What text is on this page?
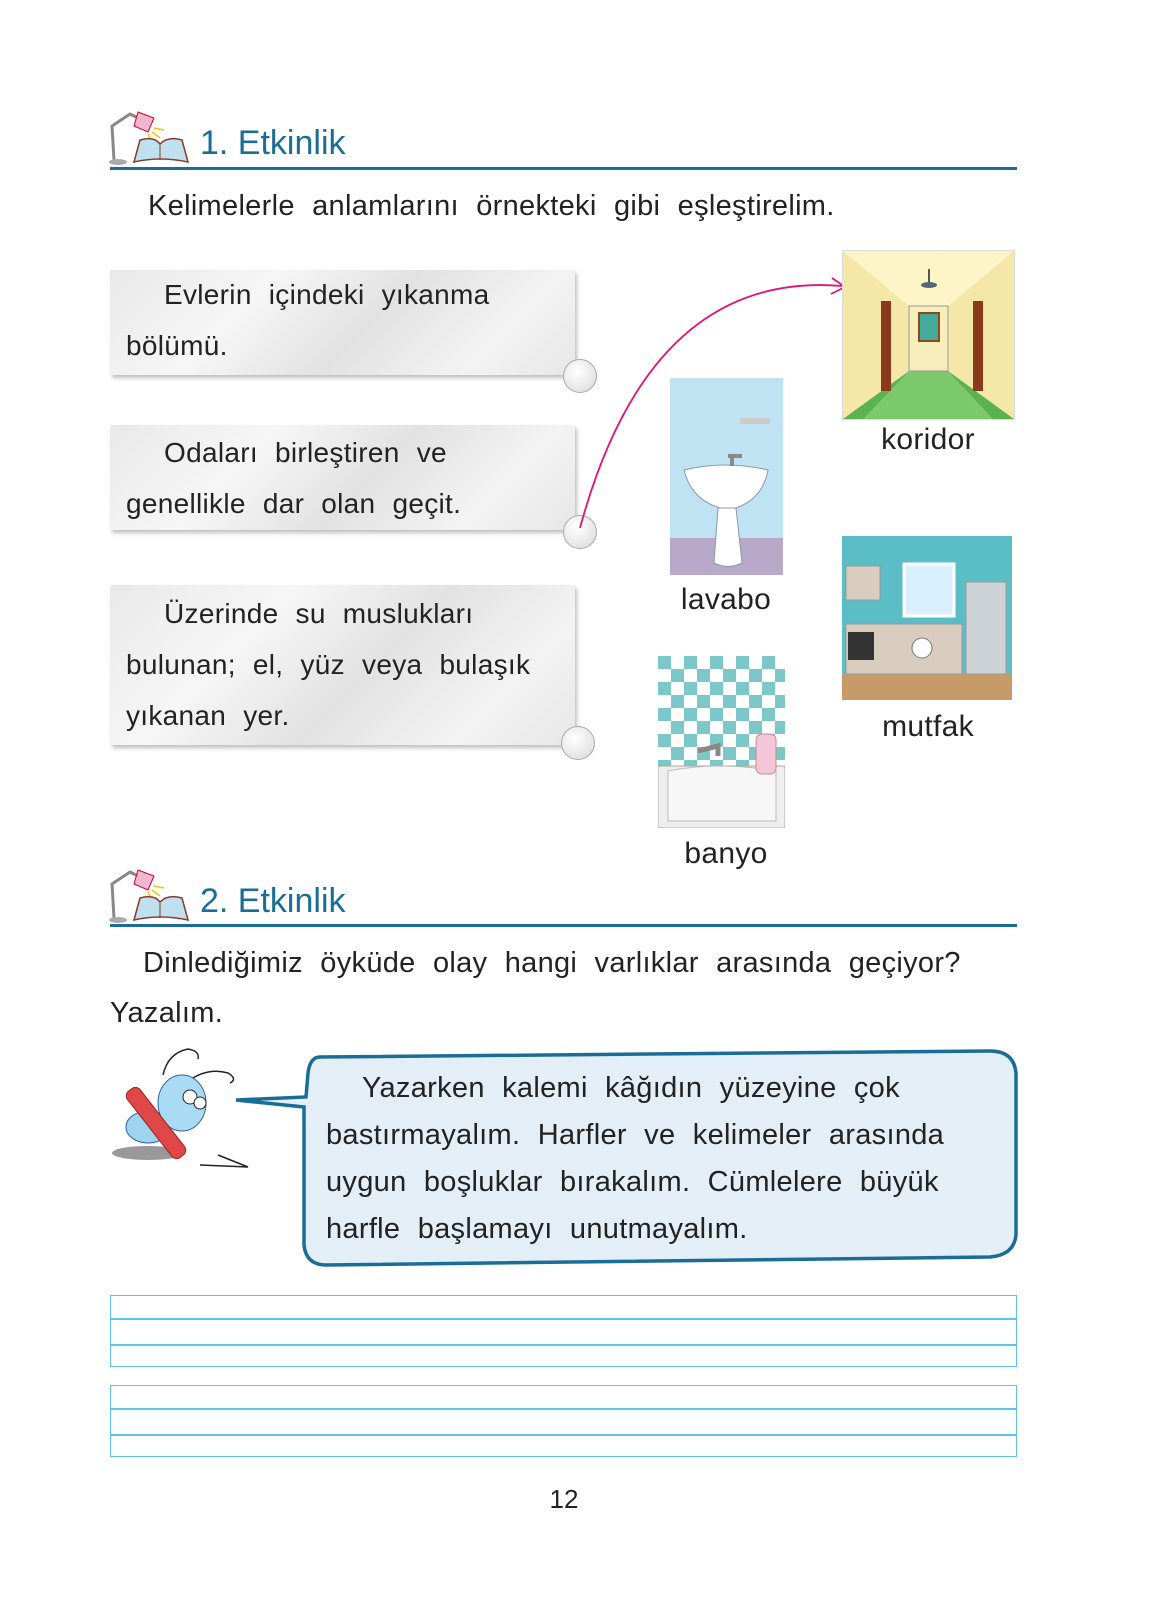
1. Etkinlik
Kelimelerle anlamlarını örnekteki gibi eşleştirelim.

Evlerin içindeki yıkanma

bölümü.

Odaları birleştiren ve

genellikle dar olan geçit.

Üzerinde su muslukları

bulunan; el, yüz veya bulaşık

yıkanan yer.

koridor
lavabo
mutfak
banyo
2. Etkinlik
Dinlediğimiz öyküde olay hangi varlıklar arasında geçiyor?
Yazalım.
Yazarken kalemi kâğıdın yüzeyine çok
bastırmayalım. Harfler ve kelimeler arasında
uygun boşluklar bırakalım. Cümlelere büyük
harfle başlamayı unutmayalım.
12
